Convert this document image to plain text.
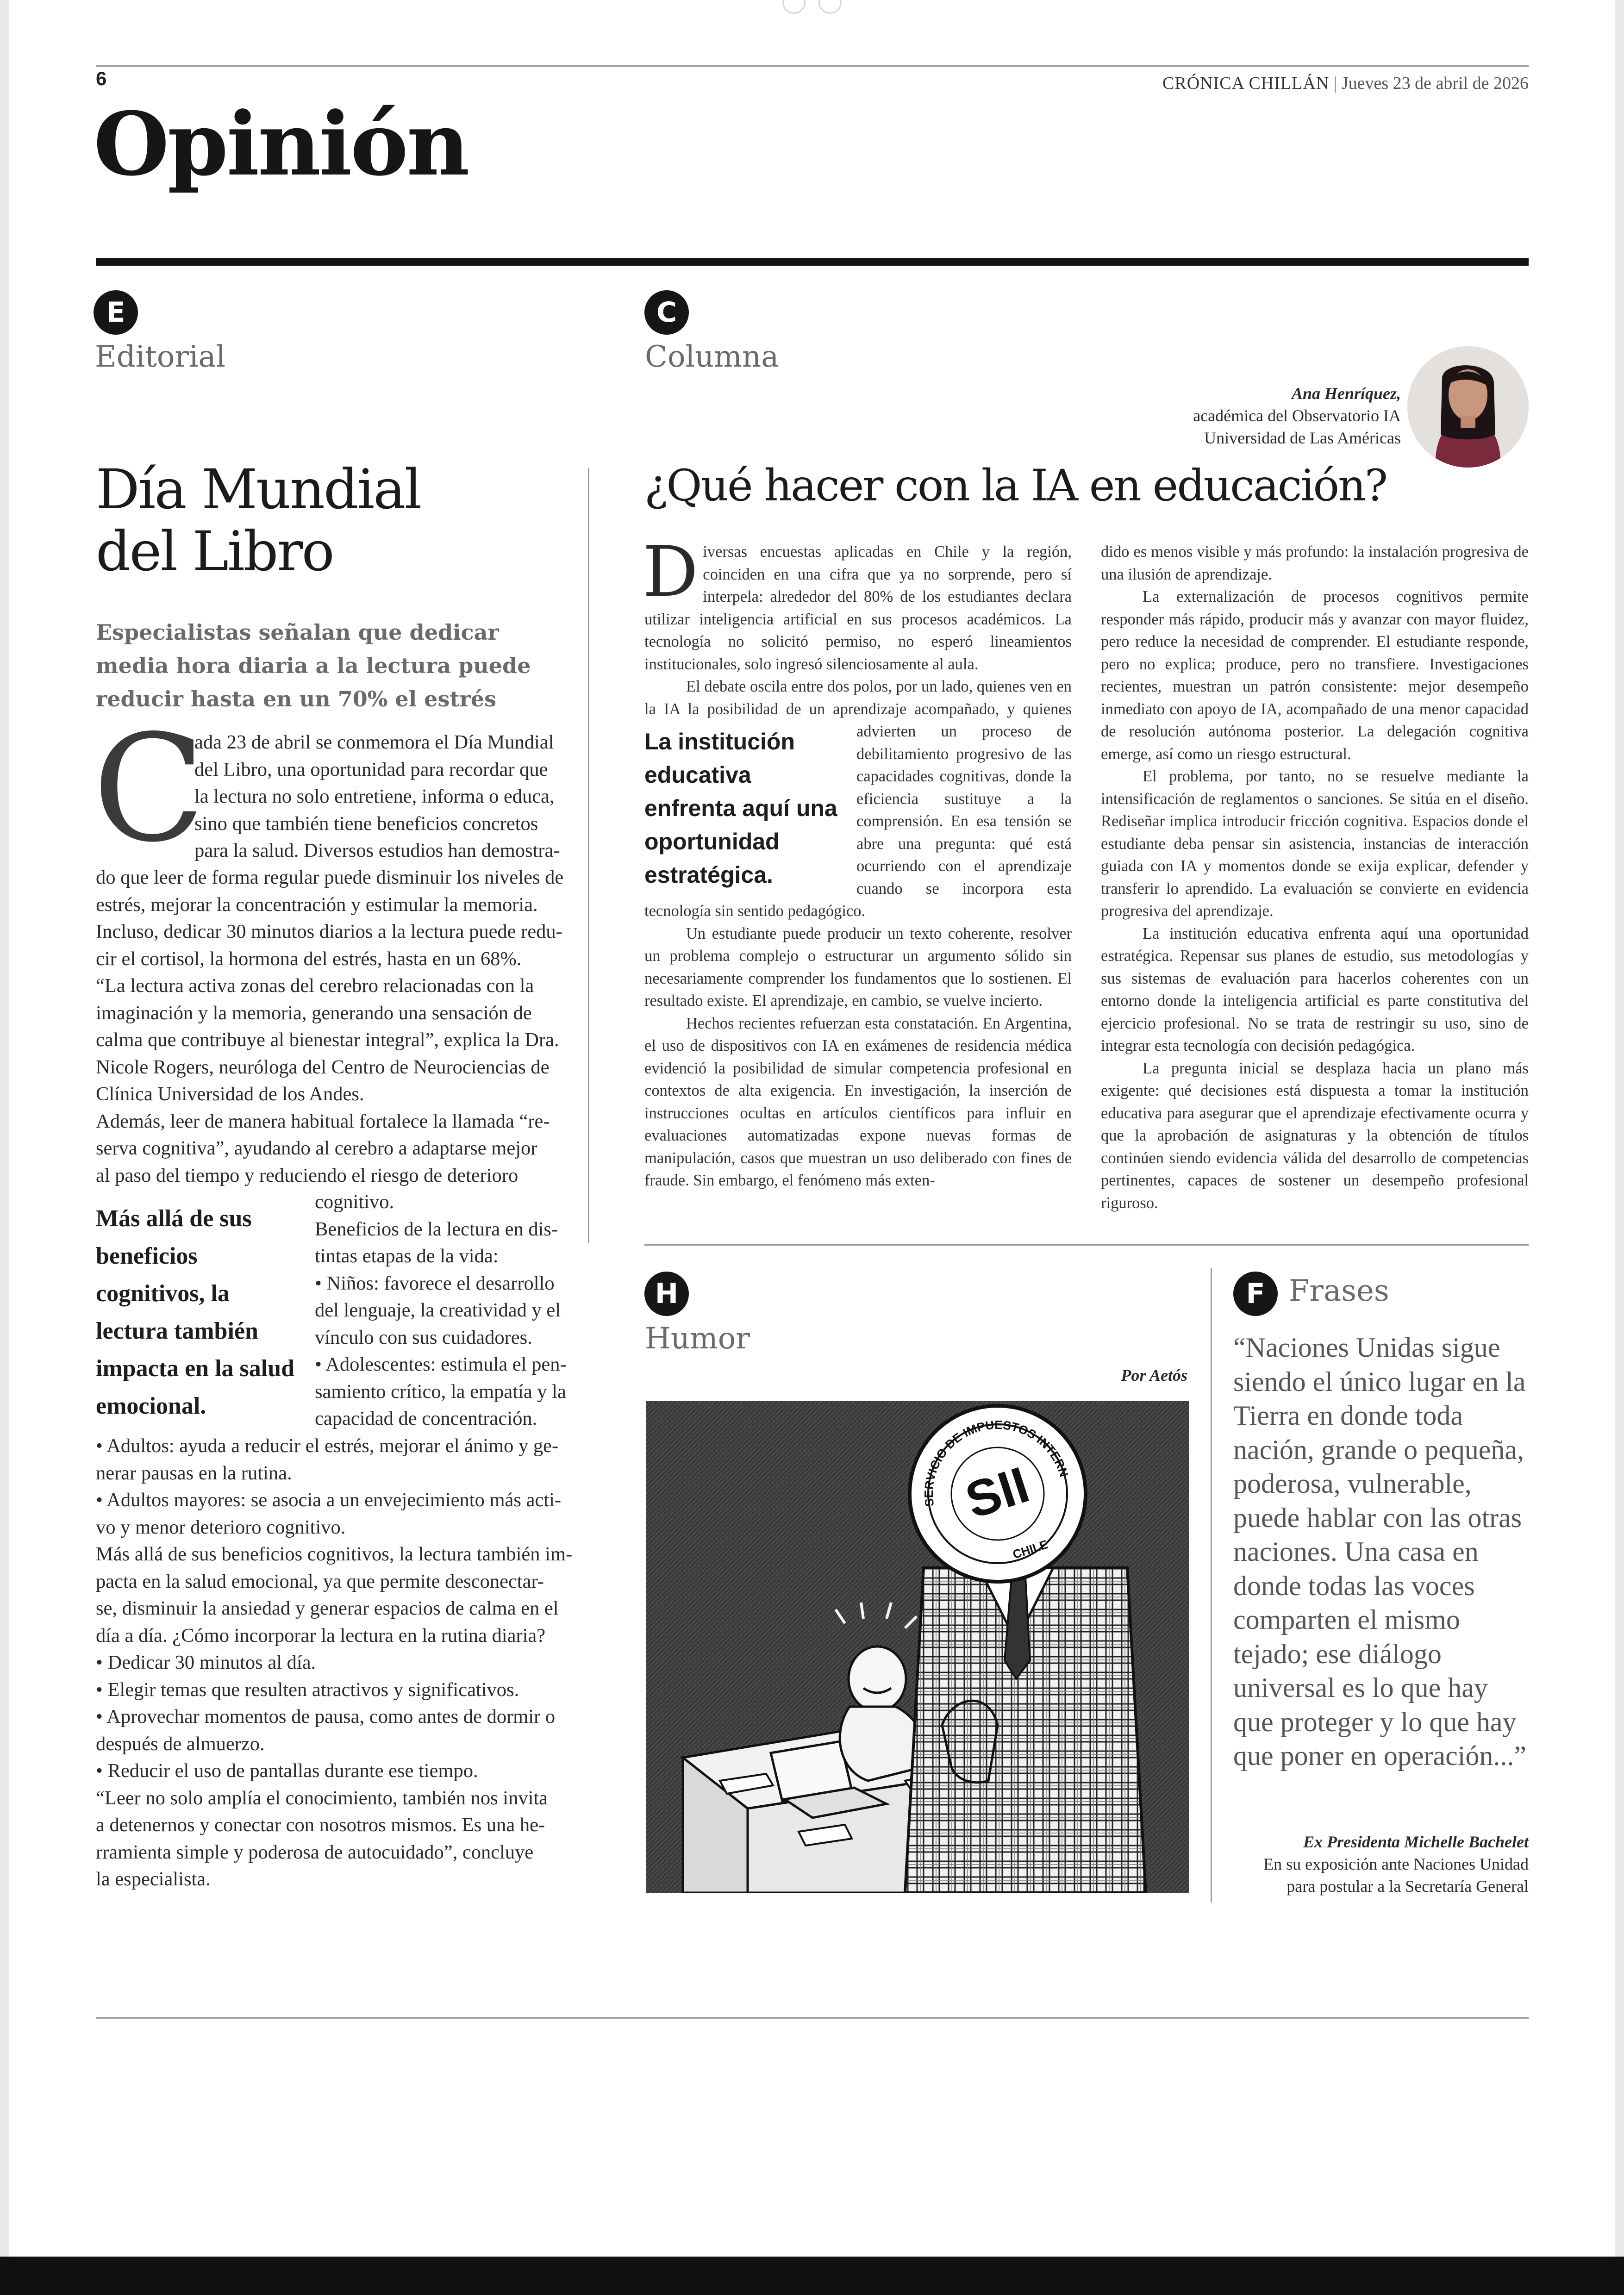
6	CRÓNICA CHILLÁN | Jueves 23 de abril de 2026
Opinión
E
Editorial
C
Columna
Ana Henríquez,
académica del Observatorio IA
Universidad de Las Américas
Día Mundial
del Libro
Especialistas señalan que dedicar media hora diaria a la lectura puede reducir hasta en un 70% el estrés
C
ada 23 de abril se conmemora el Día Mundial
del Libro, una oportunidad para recordar que
la lectura no solo entretiene, informa o educa,
sino que también tiene beneficios concretos
para la salud. Diversos estudios han demostra-
do que leer de forma regular puede disminuir los niveles de
estrés, mejorar la concentración y estimular la memoria.
Incluso, dedicar 30 minutos diarios a la lectura puede redu-
cir el cortisol, la hormona del estrés, hasta en un 68%.
“La lectura activa zonas del cerebro relacionadas con la
imaginación y la memoria, generando una sensación de
calma que contribuye al bienestar integral”, explica la Dra.
Nicole Rogers, neuróloga del Centro de Neurociencias de
Clínica Universidad de los Andes.
Además, leer de manera habitual fortalece la llamada “re-
serva cognitiva”, ayudando al cerebro a adaptarse mejor
al paso del tiempo y reduciendo el riesgo de deterioro
Más allá de sus beneficios cognitivos, la lectura también impacta en la salud emocional.
cognitivo.
Beneficios de la lectura en dis-
tintas etapas de la vida:
• Niños: favorece el desarrollo
del lenguaje, la creatividad y el
vínculo con sus cuidadores.
• Adolescentes: estimula el pen-
samiento crítico, la empatía y la
capacidad de concentración.
• Adultos: ayuda a reducir el estrés, mejorar el ánimo y ge-
nerar pausas en la rutina.
• Adultos mayores: se asocia a un envejecimiento más acti-
vo y menor deterioro cognitivo.
Más allá de sus beneficios cognitivos, la lectura también im-
pacta en la salud emocional, ya que permite desconectar-
se, disminuir la ansiedad y generar espacios de calma en el
día a día. ¿Cómo incorporar la lectura en la rutina diaria?
• Dedicar 30 minutos al día.
• Elegir temas que resulten atractivos y significativos.
• Aprovechar momentos de pausa, como antes de dormir o
después de almuerzo.
• Reducir el uso de pantallas durante ese tiempo.
“Leer no solo amplía el conocimiento, también nos invita
a detenernos y conectar con nosotros mismos. Es una he-
rramienta simple y poderosa de autocuidado”, concluye
la especialista.
¿Qué hacer con la IA en educación?
D iversas encuestas aplicadas en Chile y la región, coinciden en una cifra que ya no sorprende, pero sí interpela: alrededor del 80% de los estudiantes declara utilizar inteligencia artificial en sus procesos académicos. La tecnología no solicitó permiso, no esperó lineamientos institucionales, solo ingresó silenciosamente al aula.

El debate oscila entre dos polos, por un lado, quienes ven en la IA la posibilidad de un aprendizaje acompañado, y quie
La institución educativa enfrenta aquí una oportunidad estratégica.
nes advierten un proceso de debilitamiento progresivo de las capacidades cognitivas, donde la eficiencia sustituye a la comprensión. En esa tensión se abre una pregunta: qué está ocurriendo con el aprendizaje cuando se incorpora esta tecnología sin sentido pedagógico.

Un estudiante puede producir un texto coherente, resolver un problema complejo o estructurar un argumento sólido sin necesariamente comprender los fundamentos que lo sostienen. El resultado existe. El aprendizaje, en cambio, se vuelve incierto.

Hechos recientes refuerzan esta constatación. En Argentina, el uso de dispositivos con IA en exámenes de residencia médica evidenció la posibilidad de simular competencia profesional en contextos de alta exigencia. En investigación, la inserción de instrucciones ocultas en artículos científicos para influir en evaluaciones automatizadas expone nuevas formas de manipulación, casos que muestran un uso deliberado con fines de fraude. Sin embargo, el fenómeno más exten-

dido es menos visible y más profundo: la instalación progresiva de una ilusión de aprendizaje.

La externalización de procesos cognitivos permite responder más rápido, producir más y avanzar con mayor fluidez, pero reduce la necesidad de comprender. El estudiante responde, pero no explica; produce, pero no transfiere. Investigaciones recientes, muestran un patrón consistente: mejor desempeño inmediato con apoyo de IA, acompañado de una menor capacidad de resolución autónoma posterior. La delegación cognitiva emerge, así como un riesgo estructural.

El problema, por tanto, no se resuelve mediante la intensificación de reglamentos o sanciones. Se sitúa en el diseño. Rediseñar implica introducir fricción cognitiva. Espacios donde el estudiante deba pensar sin asistencia, instancias de interacción guiada con IA y momentos donde se exija explicar, defender y transferir lo aprendido. La evaluación se convierte en evidencia progresiva del aprendizaje.

La institución educativa enfrenta aquí una oportunidad estratégica. Repensar sus planes de estudio, sus metodologías y sus sistemas de evaluación para hacerlos coherentes con un entorno donde la inteligencia artificial es parte constitutiva del ejercicio profesional. No se trata de restringir su uso, sino de integrar esta tecnología con decisión pedagógica.

La pregunta inicial se desplaza hacia un plano más exigente: qué decisiones está dispuesta a tomar la institución educativa para asegurar que el aprendizaje efectivamente ocurra y que la aprobación de asignaturas y la obtención de títulos continúen siendo evidencia válida del desarrollo de competencias pertinentes, capaces de sostener un desempeño profesional riguroso.

H
Humor
Por Aetós
SII
SERVICIO DE IMPUESTOS INTERNOS
CHILE
F Frases
“Naciones Unidas sigue siendo el único lugar en la Tierra en donde toda nación, grande o pequeña, poderosa, vulnerable, puede hablar con las otras naciones. Una casa en donde todas las voces comparten el mismo tejado; ese diálogo universal es lo que hay que proteger y lo que hay que poner en operación...”
Ex Presidenta Michelle Bachelet
En su exposición ante Naciones Unidad
para postular a la Secretaría General
